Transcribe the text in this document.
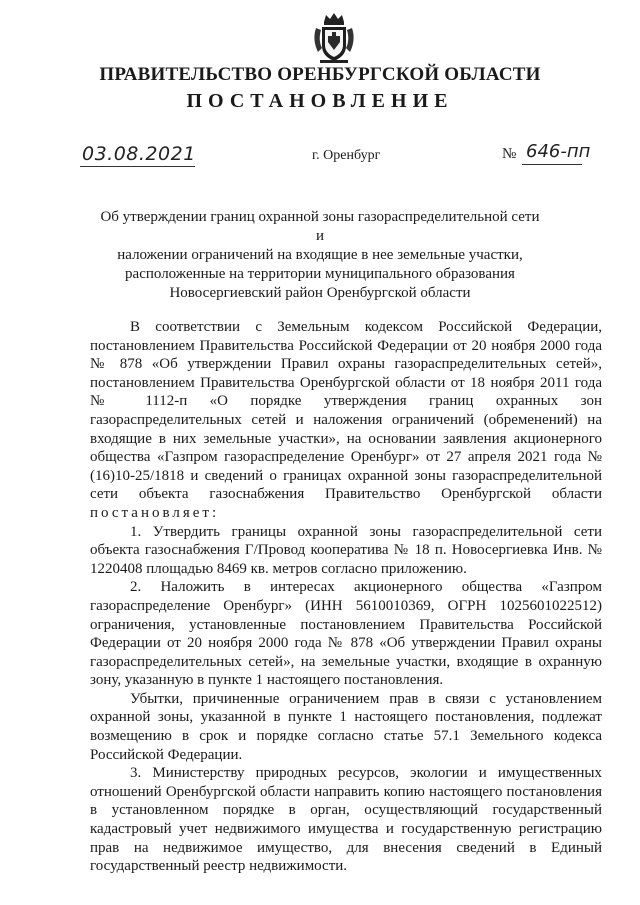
ПРАВИТЕЛЬСТВО ОРЕНБУРГСКОЙ ОБЛАСТИ
ПОСТАНОВЛЕНИЕ
03.08.2021	г. Оренбург	№ 646-пп
Об утверждении границ охранной зоны газораспределительной сети и
наложении ограничений на входящие в нее земельные участки,
расположенные на территории муниципального образования
Новосергиевский район Оренбургской области

В соответствии с Земельным кодексом Российской Федерации, постановлением Правительства Российской Федерации от 20 ноября 2000 года № 878 «Об утверждении Правил охраны газораспределительных сетей», постановлением Правительства Оренбургской области от 18 ноября 2011 года № 1112-п «О порядке утверждения границ охранных зон газораспределительных сетей и наложения ограничений (обременений) на входящие в них земельные участки», на основании заявления акционерного общества «Газпром газораспределение Оренбург» от 27 апреля 2021 года № (16)10-25/1818 и сведений о границах охранной зоны газораспределительной сети объекта газоснабжения Правительство Оренбургской области постановляет:

1. Утвердить границы охранной зоны газораспределительной сети объекта газоснабжения Г/Провод кооператива № 18 п. Новосергиевка Инв. № 1220408 площадью 8469 кв. метров согласно приложению.

2. Наложить в интересах акционерного общества «Газпром газораспределение Оренбург» (ИНН 5610010369, ОГРН 1025601022512) ограничения, установленные постановлением Правительства Российской Федерации от 20 ноября 2000 года № 878 «Об утверждении Правил охраны газораспределительных сетей», на земельные участки, входящие в охранную зону, указанную в пункте 1 настоящего постановления.

Убытки, причиненные ограничением прав в связи с установлением охранной зоны, указанной в пункте 1 настоящего постановления, подлежат возмещению в срок и порядке согласно статье 57.1 Земельного кодекса Российской Федерации.

3. Министерству природных ресурсов, экологии и имущественных отношений Оренбургской области направить копию настоящего постановления в установленном порядке в орган, осуществляющий государственный кадастровый учет недвижимого имущества и государственную регистрацию прав на недвижимое имущество, для внесения сведений в Единый государственный реестр недвижимости.
